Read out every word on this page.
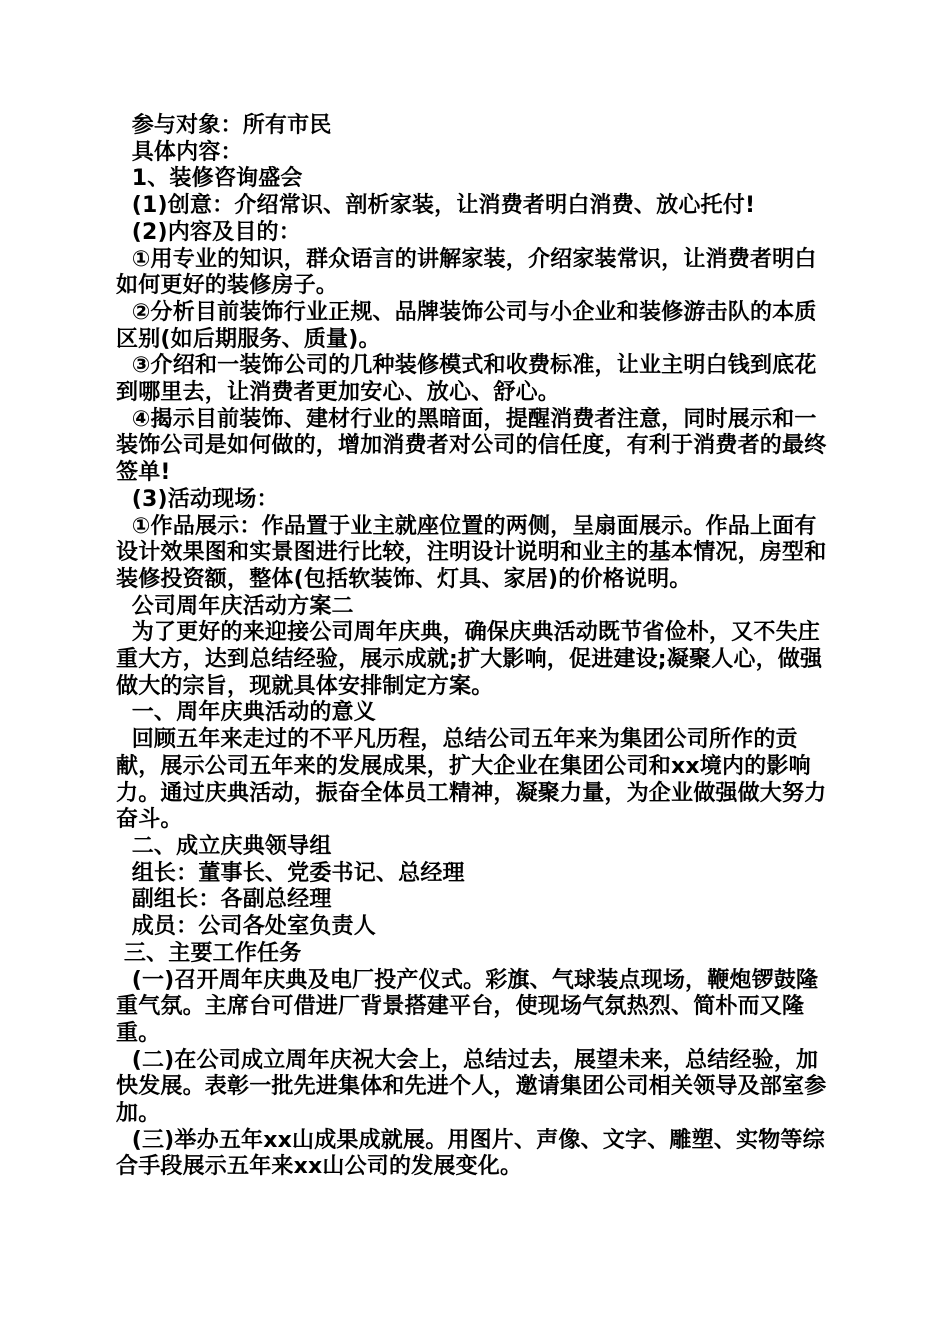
参与对象：所有市民
具体内容：
1、装修咨询盛会
(1)创意：介绍常识、剖析家装，让消费者明白消费、放心托付!
(2)内容及目的：
①用专业的知识，群众语言的讲解家装，介绍家装常识，让消费者明白如何更好的装修房子。
②分析目前装饰行业正规、品牌装饰公司与小企业和装修游击队的本质区别(如后期服务、质量)。
③介绍和一装饰公司的几种装修模式和收费标准，让业主明白钱到底花到哪里去，让消费者更加安心、放心、舒心。
④揭示目前装饰、建材行业的黑暗面，提醒消费者注意，同时展示和一装饰公司是如何做的，增加消费者对公司的信任度，有利于消费者的最终签单!
(3)活动现场：
①作品展示：作品置于业主就座位置的两侧，呈扇面展示。作品上面有设计效果图和实景图进行比较，注明设计说明和业主的基本情况，房型和装修投资额，整体(包括软装饰、灯具、家居)的价格说明。
公司周年庆活动方案二
为了更好的来迎接公司周年庆典，确保庆典活动既节省俭朴，又不失庄重大方，达到总结经验，展示成就;扩大影响，促进建设;凝聚人心，做强做大的宗旨，现就具体安排制定方案。
一、周年庆典活动的意义
回顾五年来走过的不平凡历程，总结公司五年来为集团公司所作的贡献，展示公司五年来的发展成果，扩大企业在集团公司和xx境内的影响力。通过庆典活动，振奋全体员工精神，凝聚力量，为企业做强做大努力奋斗。
二、成立庆典领导组
组长：董事长、党委书记、总经理
副组长：各副总经理
成员：公司各处室负责人
三、主要工作任务
(一)召开周年庆典及电厂投产仪式。彩旗、气球装点现场，鞭炮锣鼓隆重气氛。主席台可借进厂背景搭建平台，使现场气氛热烈、简朴而又隆重。
(二)在公司成立周年庆祝大会上，总结过去，展望未来，总结经验，加快发展。表彰一批先进集体和先进个人，邀请集团公司相关领导及部室参加。
(三)举办五年xx山成果成就展。用图片、声像、文字、雕塑、实物等综合手段展示五年来xx山公司的发展变化。
